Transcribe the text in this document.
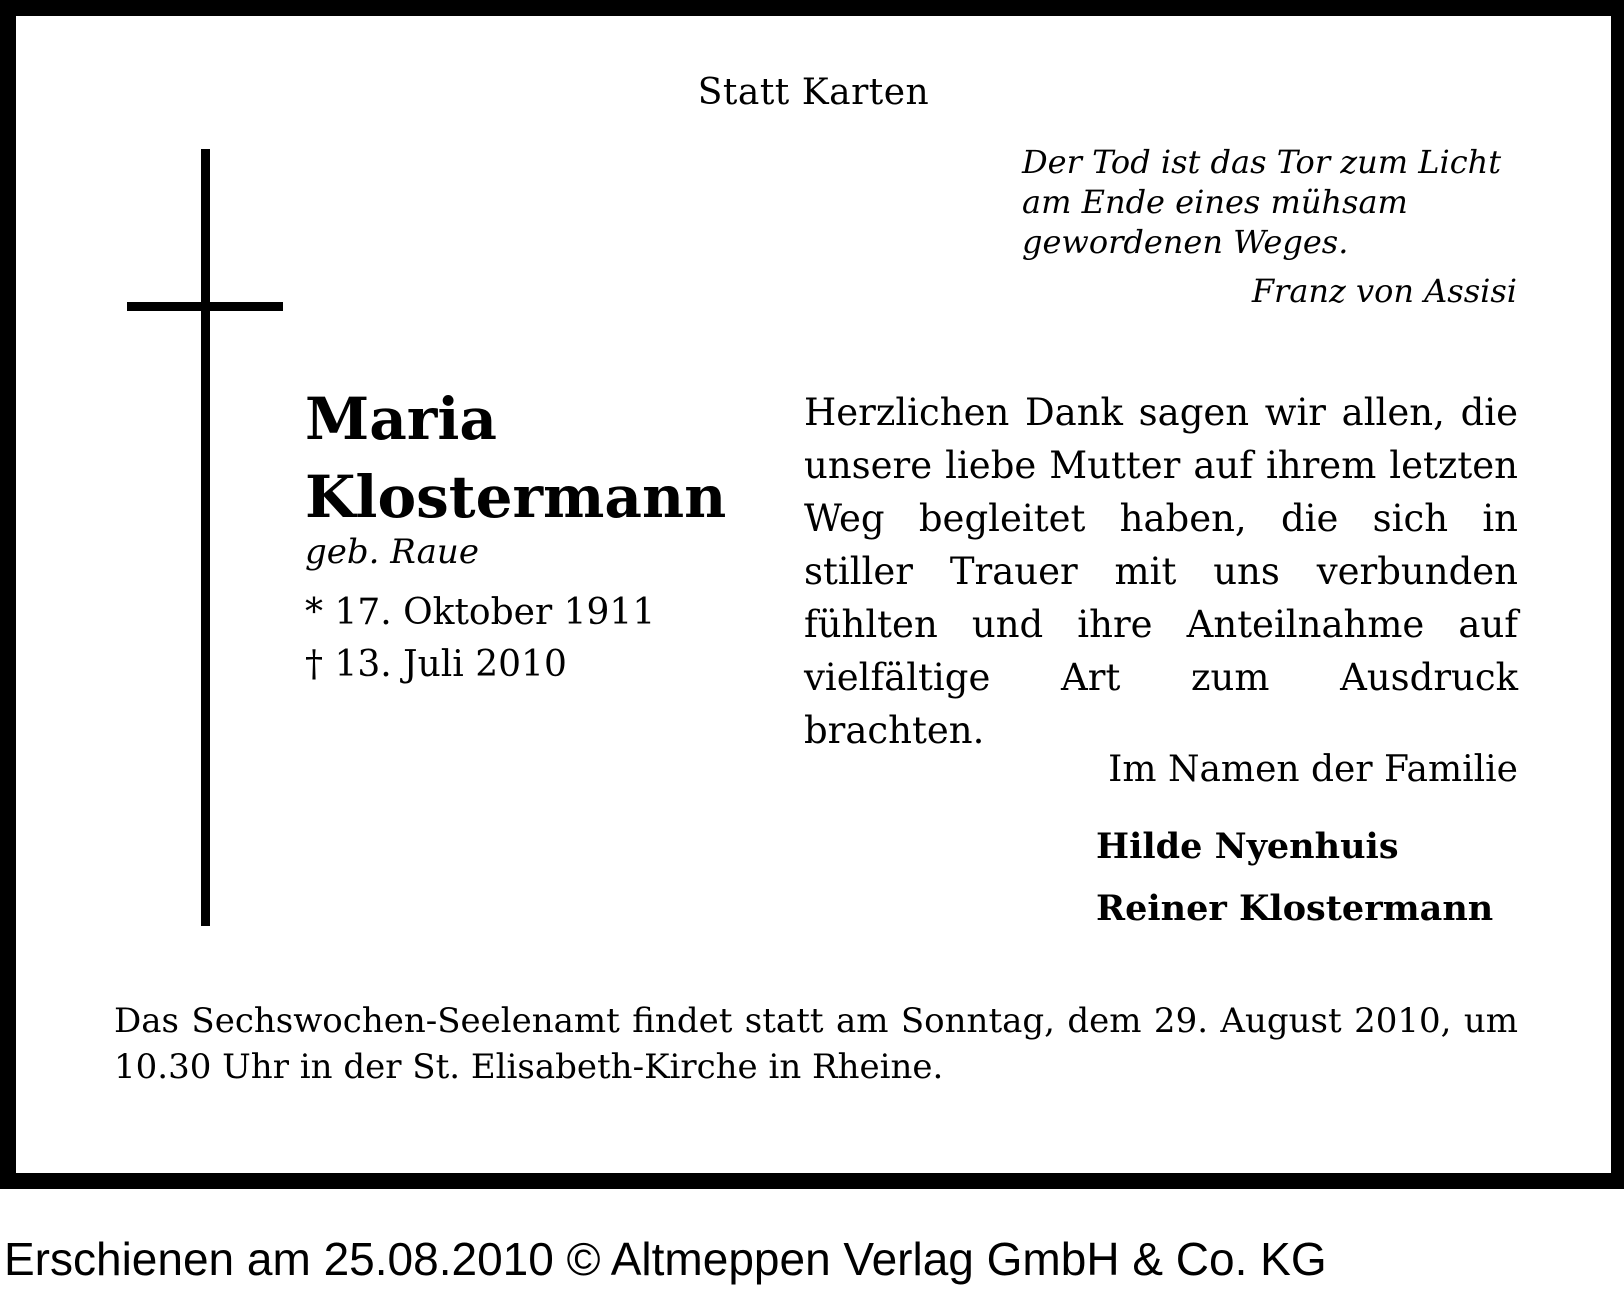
Statt Karten
Der Tod ist das Tor zum Licht
am Ende eines mühsam
gewordenen Weges.
Franz von Assisi
Maria
Klostermann
geb. Raue
* 17. Oktober 1911
† 13. Juli 2010
Herzlichen Dank sagen wir allen, die unsere liebe Mutter auf ihrem letzten Weg begleitet haben, die sich in stiller Trauer mit uns verbunden fühlten und ihre Anteilnahme auf vielfältige Art zum Ausdruck brachten.
Im Namen der Familie
Hilde Nyenhuis
Reiner Klostermann
Das Sechswochen-Seelenamt findet statt am Sonntag, dem 29. August 2010, um 10.30 Uhr in der St. Elisabeth-Kirche in Rheine.
Erschienen am 25.08.2010 © Altmeppen Verlag GmbH & Co. KG
